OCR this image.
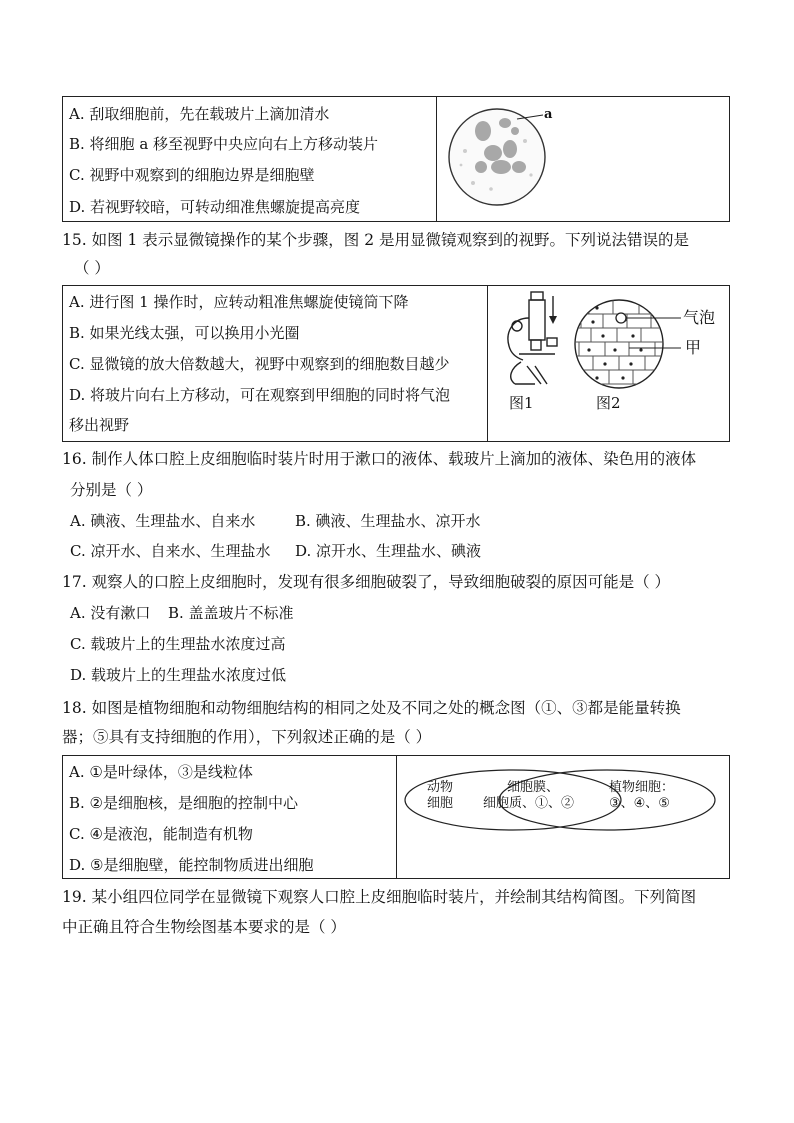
A. 刮取细胞前，先在载玻片上滴加清水
B. 将细胞 a 移至视野中央应向右上方移动装片
C. 视野中观察到的细胞边界是细胞壁
D. 若视野较暗，可转动细准焦螺旋提高亮度
a
15. 如图 1 表示显微镜操作的某个步骤，图 2 是用显微镜观察到的视野。下列说法错误的是
（ ）
A. 进行图 1 操作时，应转动粗准焦螺旋使镜筒下降
B. 如果光线太强，可以换用小光圈
C. 显微镜的放大倍数越大，视野中观察到的细胞数目越少
D. 将玻片向右上方移动，可在观察到甲细胞的同时将气泡
移出视野
气泡
甲
图1	图2
16. 制作人体口腔上皮细胞临时装片时用于漱口的液体、载玻片上滴加的液体、染色用的液体
分别是（ ）
A. 碘液、生理盐水、自来水	B. 碘液、生理盐水、凉开水
C. 凉开水、自来水、生理盐水 D. 凉开水、生理盐水、碘液
17. 观察人的口腔上皮细胞时，发现有很多细胞破裂了，导致细胞破裂的原因可能是（ ）
A. 没有漱口 B. 盖盖玻片不标准
C. 载玻片上的生理盐水浓度过高
D. 载玻片上的生理盐水浓度过低
18. 如图是植物细胞和动物细胞结构的相同之处及不同之处的概念图（①、③都是能量转换
器；⑤具有支持细胞的作用），下列叙述正确的是（ ）
A. ①是叶绿体，③是线粒体
B. ②是细胞核，是细胞的控制中心
C. ④是液泡，能制造有机物
D. ⑤是细胞壁，能控制物质进出细胞
动物
细胞
细胞膜、
细胞质、①、②
植物细胞：
③、④、⑤
19. 某小组四位同学在显微镜下观察人口腔上皮细胞临时装片，并绘制其结构简图。下列简图
中正确且符合生物绘图基本要求的是（ ）
